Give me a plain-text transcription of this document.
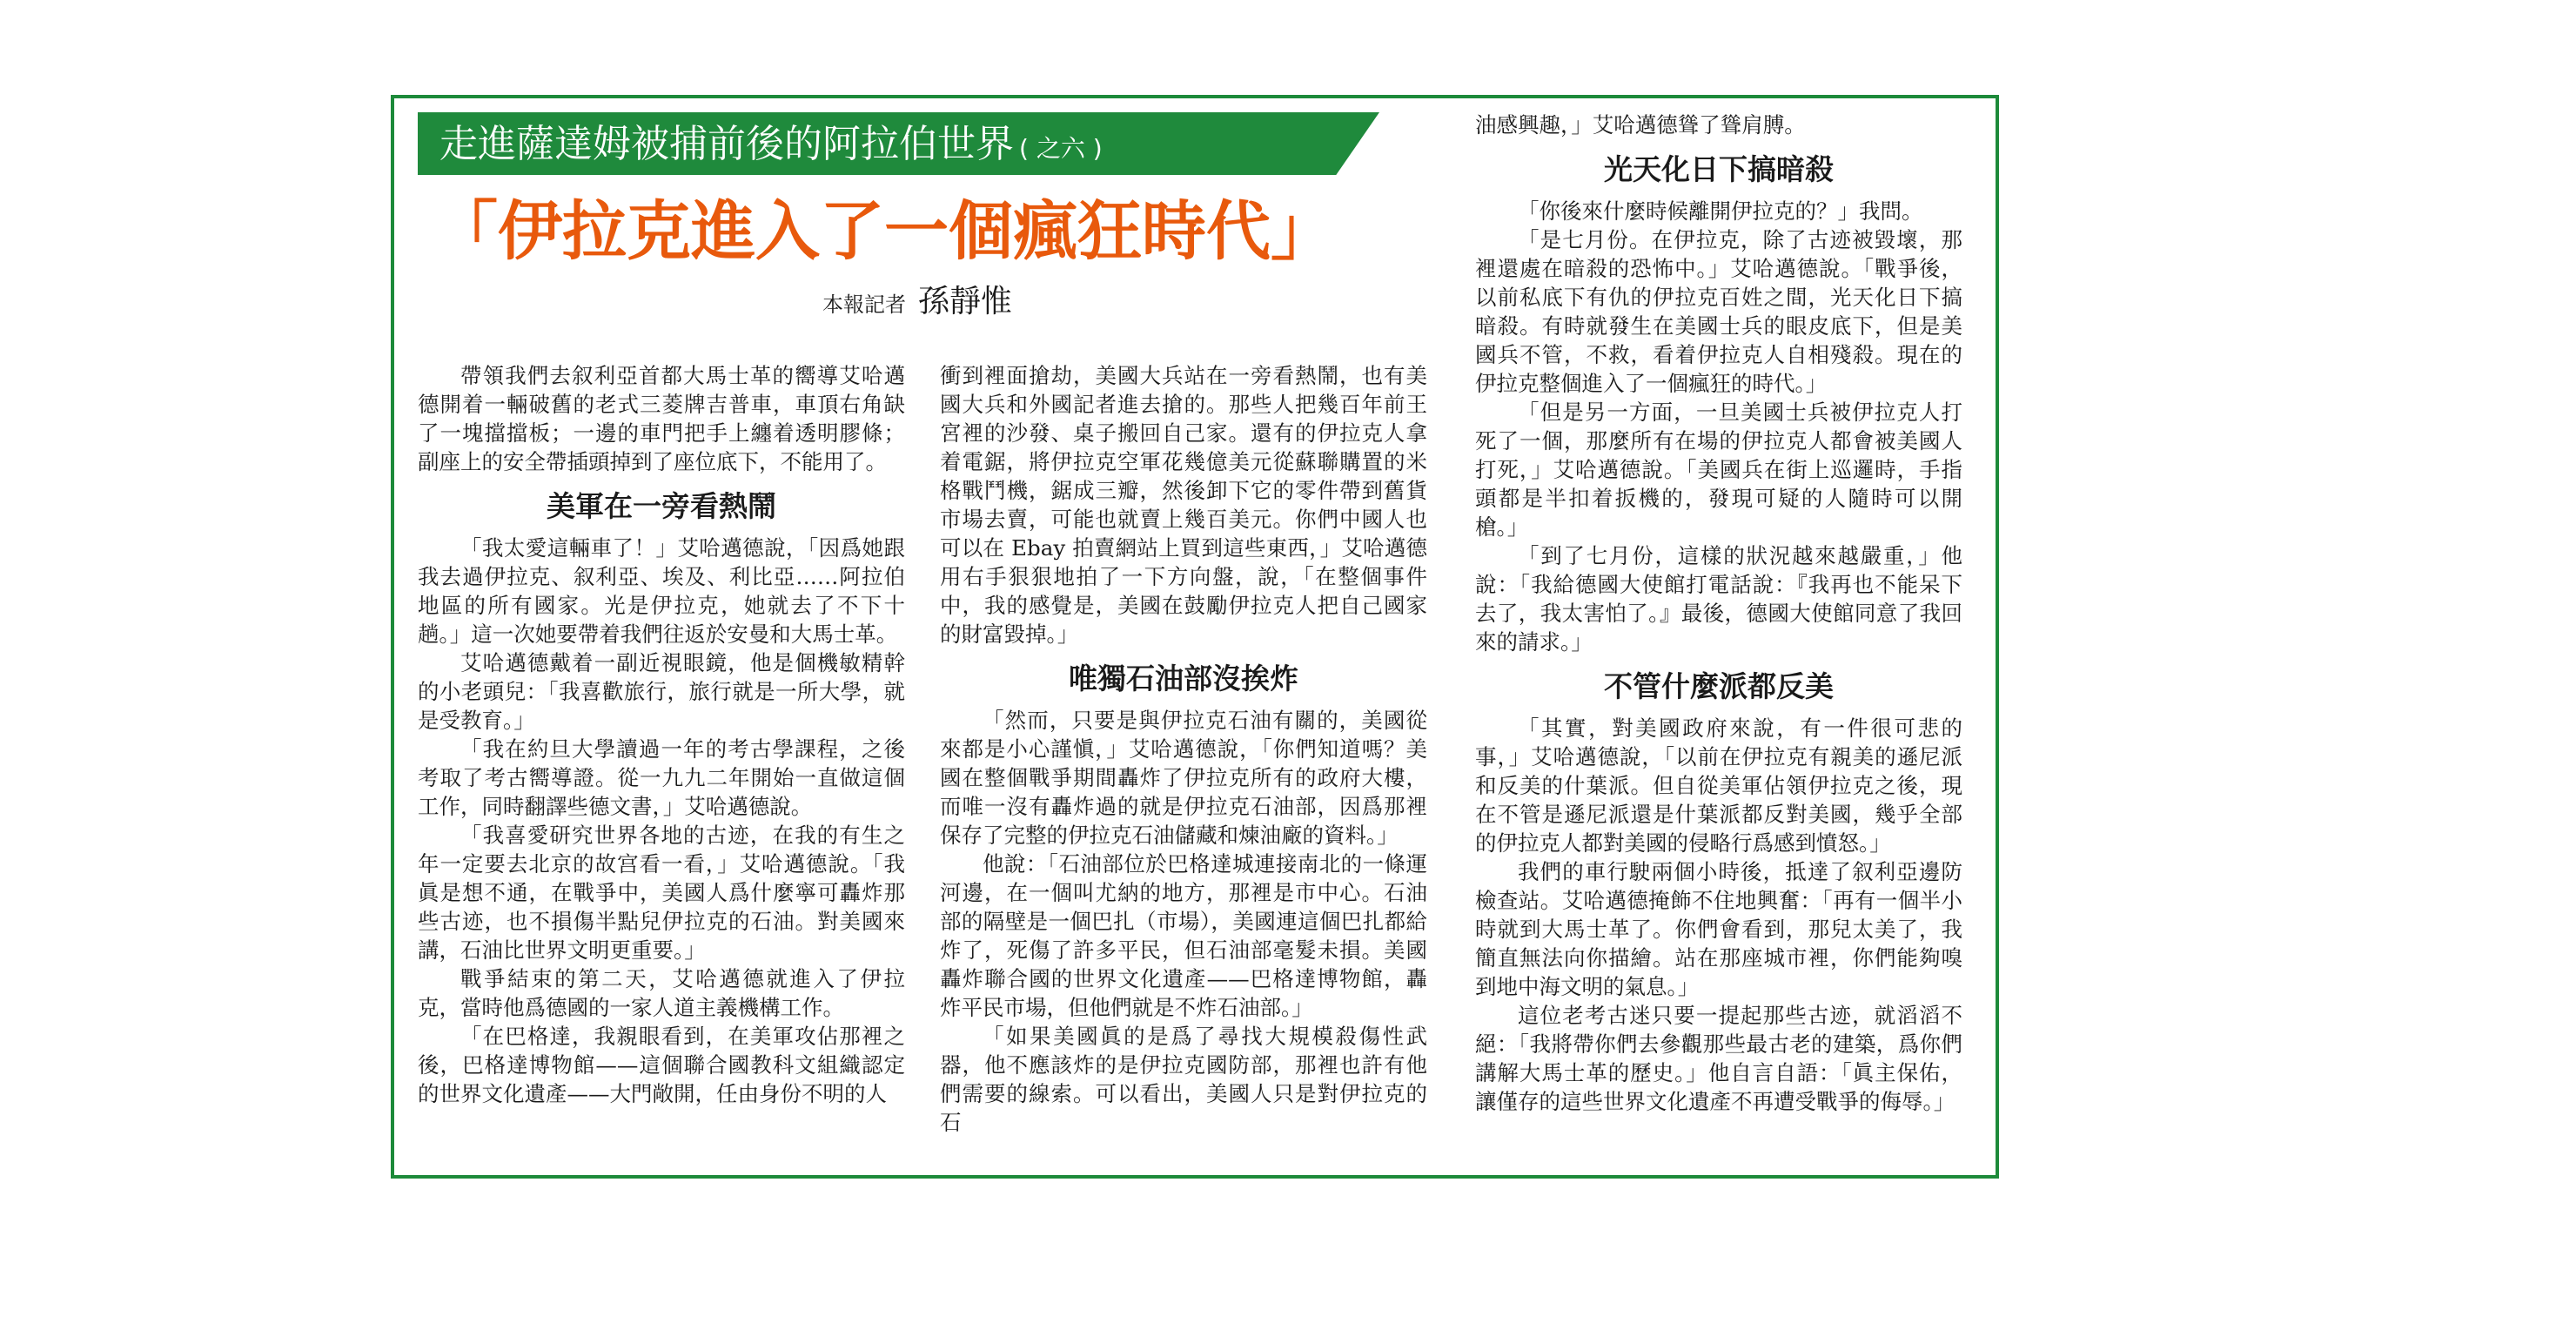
走進薩達姆被捕前後的阿拉伯世界 ( 之六 )
「伊拉克進入了一個瘋狂時代」
本報記者 孫靜惟

帶領我們去叙利亞首都大馬士革的嚮導艾哈邁德開着一輛破舊的老式三菱牌吉普車，車頂右角缺了一塊擋擋板；一邊的車門把手上纏着透明膠條；副座上的安全帶插頭掉到了座位底下，不能用了。

美軍在一旁看熱鬧

「我太愛這輛車了！」艾哈邁德說，「因爲她跟我去過伊拉克、叙利亞、埃及、利比亞……阿拉伯地區的所有國家。光是伊拉克，她就去了不下十趟。」這一次她要帶着我們往返於安曼和大馬士革。

艾哈邁德戴着一副近視眼鏡，他是個機敏精幹的小老頭兒：「我喜歡旅行，旅行就是一所大學，就是受教育。」

「我在約旦大學讀過一年的考古學課程，之後考取了考古嚮導證。從一九九二年開始一直做這個工作，同時翻譯些德文書，」艾哈邁德說。

「我喜愛研究世界各地的古迹，在我的有生之年一定要去北京的故宫看一看，」艾哈邁德說。「我眞是想不通，在戰爭中，美國人爲什麼寧可轟炸那些古迹，也不損傷半點兒伊拉克的石油。對美國來講，石油比世界文明更重要。」

戰爭結束的第二天，艾哈邁德就進入了伊拉克，當時他爲德國的一家人道主義機構工作。

「在巴格達，我親眼看到，在美軍攻佔那裡之後，巴格達博物館——這個聯合國教科文組織認定的世界文化遺產——大門敞開，任由身份不明的人

衝到裡面搶劫，美國大兵站在一旁看熱鬧，也有美國大兵和外國記者進去搶的。那些人把幾百年前王宮裡的沙發、桌子搬回自己家。還有的伊拉克人拿着電鋸，將伊拉克空軍花幾億美元從蘇聯購置的米格戰鬥機，鋸成三瓣，然後卸下它的零件帶到舊貨市場去賣，可能也就賣上幾百美元。你們中國人也可以在 Ebay 拍賣網站上買到這些東西，」艾哈邁德用右手狠狠地拍了一下方向盤，說，「在整個事件中，我的感覺是，美國在鼓勵伊拉克人把自己國家的財富毀掉。」

唯獨石油部沒挨炸

「然而，只要是與伊拉克石油有關的，美國從來都是小心謹愼，」艾哈邁德說，「你們知道嗎？美國在整個戰爭期間轟炸了伊拉克所有的政府大樓，而唯一沒有轟炸過的就是伊拉克石油部，因爲那裡保存了完整的伊拉克石油儲藏和煉油廠的資料。」

他說：「石油部位於巴格達城連接南北的一條運河邊，在一個叫尤納的地方，那裡是市中心。石油部的隔壁是一個巴扎（市場），美國連這個巴扎都給炸了，死傷了許多平民，但石油部毫髮未損。美國轟炸聯合國的世界文化遺產——巴格達博物館，轟炸平民市場，但他們就是不炸石油部。」

「如果美國眞的是爲了尋找大規模殺傷性武器，他不應該炸的是伊拉克國防部，那裡也許有他們需要的線索。可以看出，美國人只是對伊拉克的石

油感興趣，」艾哈邁德聳了聳肩膊。

光天化日下搞暗殺

「你後來什麼時候離開伊拉克的？」我問。

「是七月份。在伊拉克，除了古迹被毀壞，那裡還處在暗殺的恐怖中。」艾哈邁德說。「戰爭後，以前私底下有仇的伊拉克百姓之間，光天化日下搞暗殺。有時就發生在美國士兵的眼皮底下，但是美國兵不管，不救，看着伊拉克人自相殘殺。現在的伊拉克整個進入了一個瘋狂的時代。」

「但是另一方面，一旦美國士兵被伊拉克人打死了一個，那麼所有在場的伊拉克人都會被美國人打死，」艾哈邁德說。「美國兵在街上巡邏時，手指頭都是半扣着扳機的，發現可疑的人隨時可以開槍。」

「到了七月份，這樣的狀況越來越嚴重，」他說：「我給德國大使館打電話說：『我再也不能呆下去了，我太害怕了。』最後，德國大使館同意了我回來的請求。」

不管什麼派都反美

「其實，對美國政府來說，有一件很可悲的事，」艾哈邁德說，「以前在伊拉克有親美的遜尼派和反美的什葉派。但自從美軍佔領伊拉克之後，現在不管是遜尼派還是什葉派都反對美國，幾乎全部的伊拉克人都對美國的侵略行爲感到憤怒。」

我們的車行駛兩個小時後，抵達了叙利亞邊防檢查站。艾哈邁德掩飾不住地興奮：「再有一個半小時就到大馬士革了。你們會看到，那兒太美了，我簡直無法向你描繪。站在那座城市裡，你們能夠嗅到地中海文明的氣息。」

這位老考古迷只要一提起那些古迹，就滔滔不絕：「我將帶你們去參觀那些最古老的建築，爲你們講解大馬士革的歷史。」他自言自語：「眞主保佑，讓僅存的這些世界文化遺產不再遭受戰爭的侮辱。」
